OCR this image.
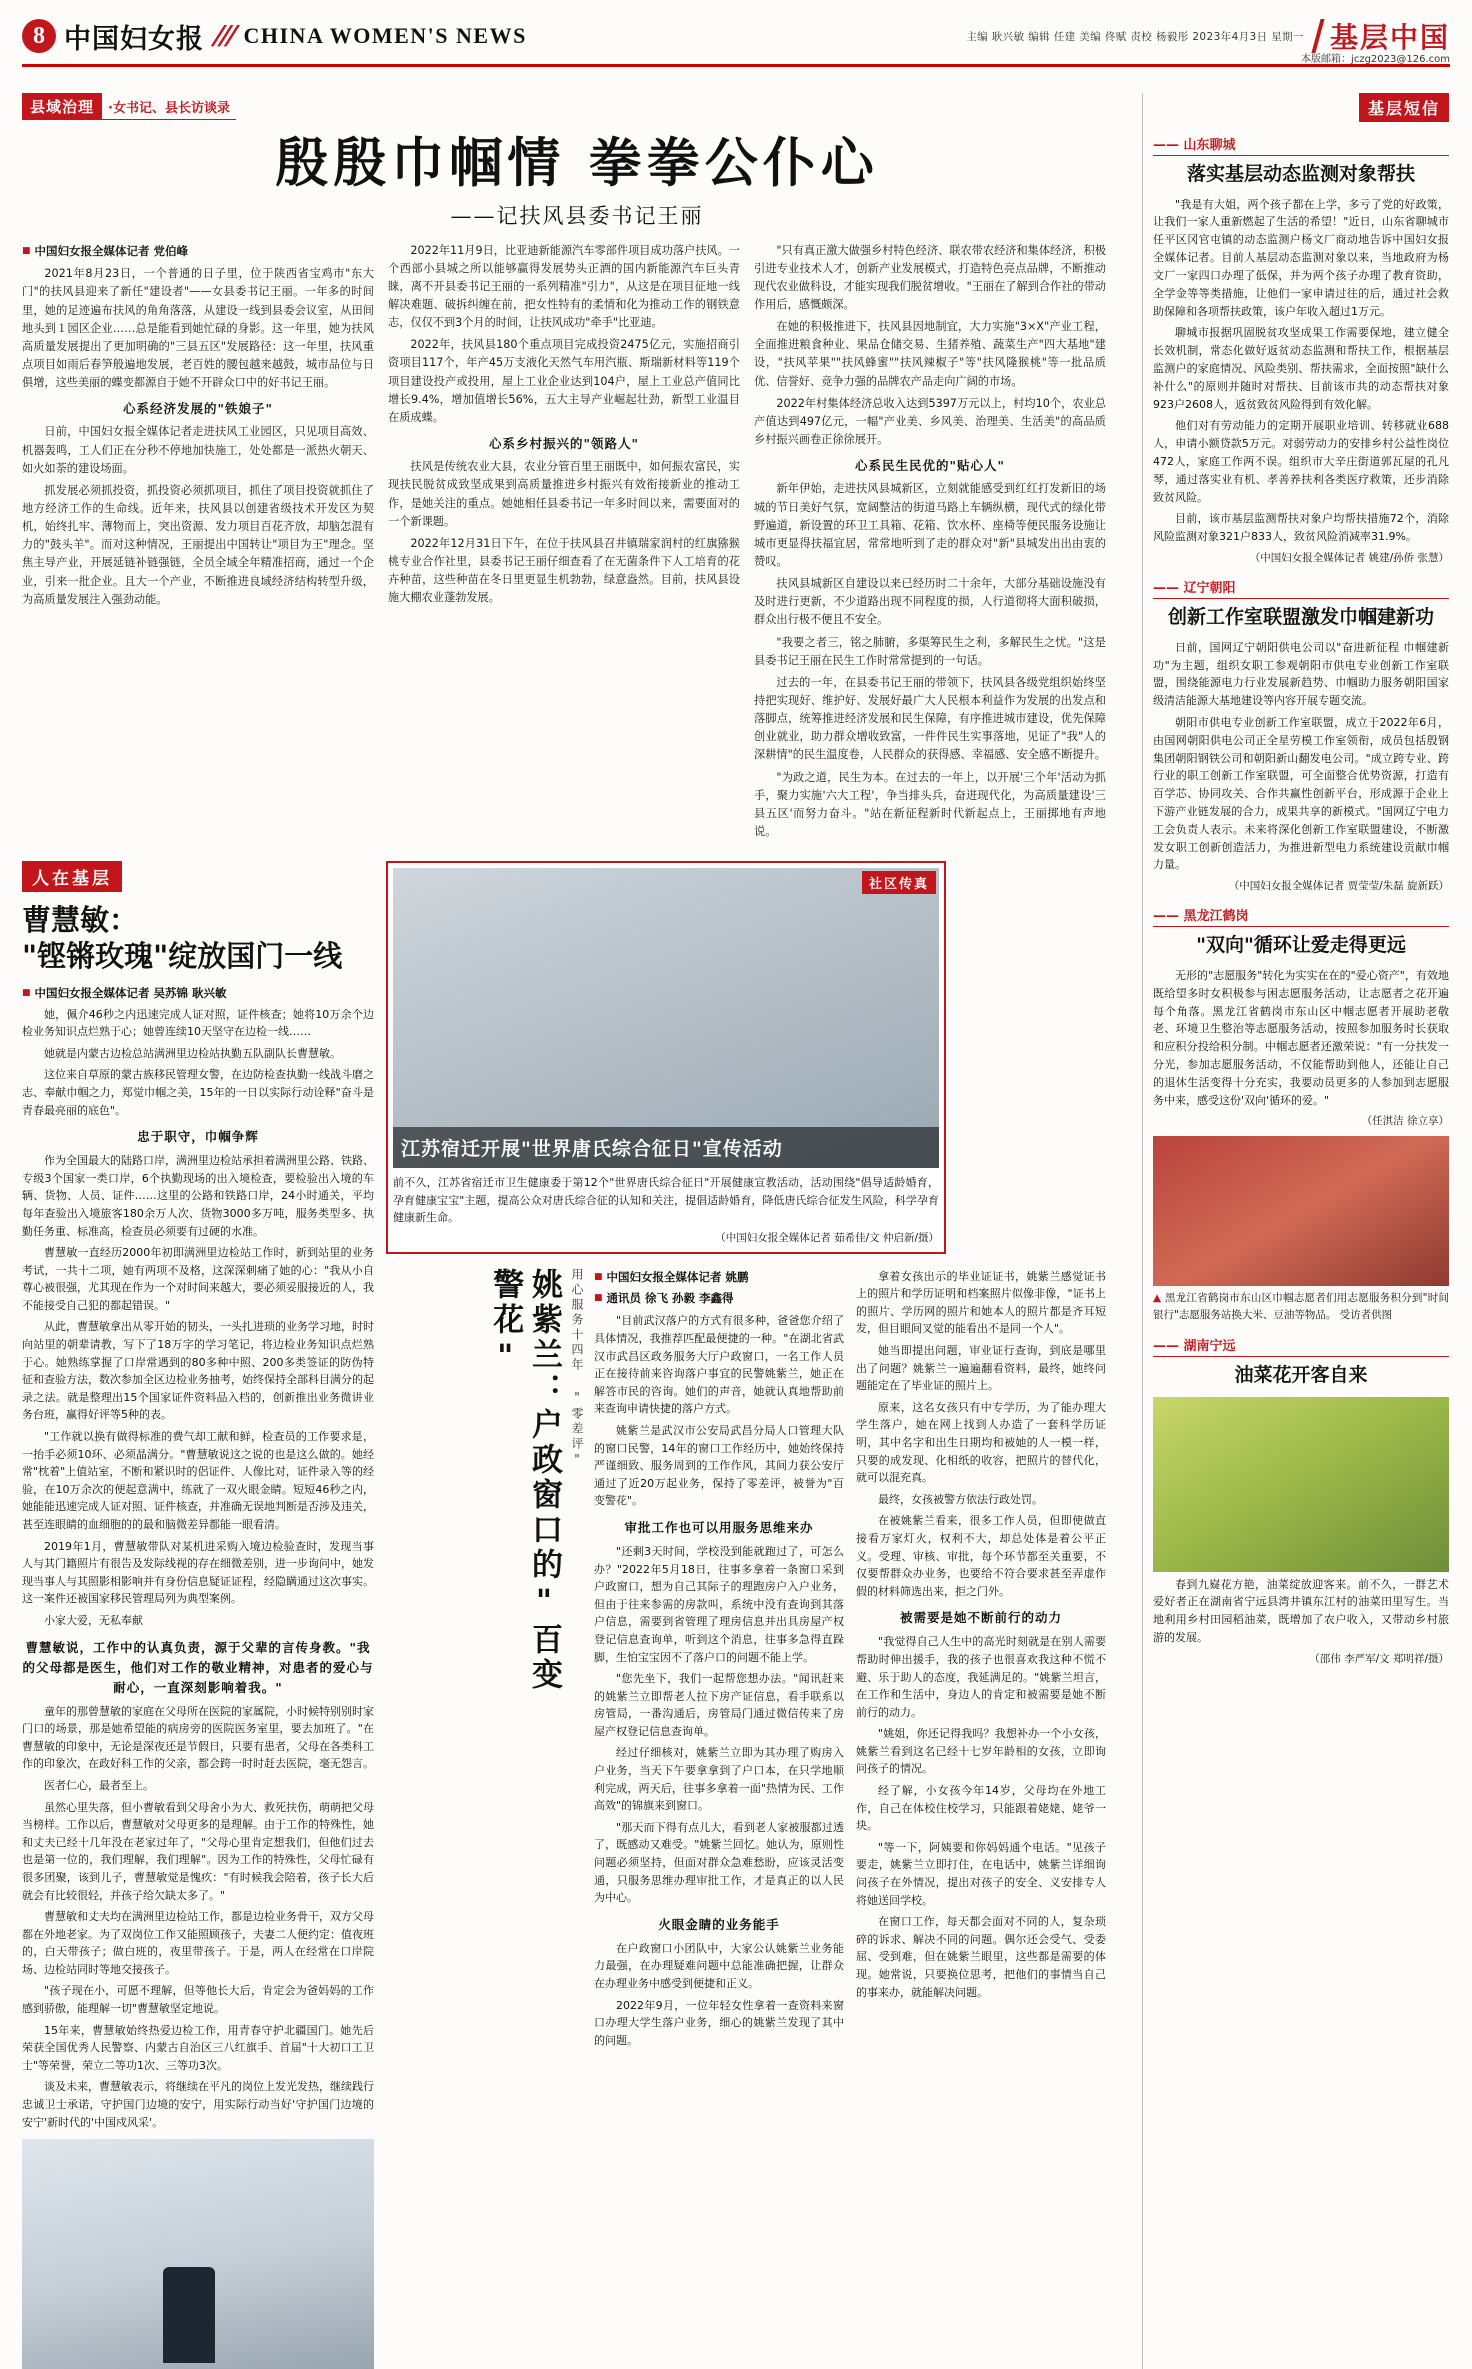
8 中国妇女报 /// CHINA WOMEN'S NEWS	主编 耿兴敏 编辑 任建 美编 佟赋 责校 杨毅彤 2023年4月3日 星期一 基层中国
本版邮箱：jczg2023@126.com
县域治理	·女书记、县长访谈录
殷殷巾帼情 拳拳公仆心
——记扶风县委书记王丽
■ 中国妇女报全媒体记者 党伯峰

2021年8月23日，一个普通的日子里，位于陕西省宝鸡市"东大门"的扶风县迎来了新任"建设者"——女县委书记王丽。一年多的时间里，她的足迹遍布扶风的角角落落，从建设一线到县委会议室，从田间地头到１园区企业……总是能看到她忙碌的身影。这一年里，她为扶风高质量发展提出了更加明确的"三县五区"发展路径：这一年里，扶风重点项目如雨后春笋般遍地发展，老百姓的腰包越来越鼓，城市品位与日俱增，这些美丽的蝶变都源自于她不开辟众口中的好书记王丽。

心系经济发展的"铁娘子"

日前，中国妇女报全媒体记者走进扶风工业园区，只见项目高效、机器轰鸣，工人们正在分秒不停地加快施工，处处都是一派热火朝天、如火如荼的建设场面。

抓发展必须抓投资，抓投资必须抓项目，抓住了项目投资就抓住了地方经济工作的生命线。近年来，扶风县以创建省级技术开发区为契机，始终扎牢、薄物而上，突出资源、发力项目百花齐放，却脑怎混有力的"鼓头羊"。而对这种情况，王丽提出中国转让"项目为王"理念。坚焦主导产业，开展延链补链强链，全员全域全年精准招商，通过一个企业，引来一批企业。且大一个产业，不断推进良域经济结构转型升级，为高质量发展注入强劲动能。

2022年11月9日，比亚迪新能源汽车零部件项目成功落户扶风。一个西部小县城之所以能够赢得发展势头正酒的国内新能源汽车巨头青睐，离不开县委书记王丽的一系列精准"引力"，从这是在项目征地一线解决难题、破拆纠缠在前，把女性特有的柔情和化为推动工作的钢铁意志，仅仅不到3个月的时间，让扶风成功"牵手"比亚迪。

2022年，扶风县180个重点项目完成投资2475亿元，实施招商引资项目117个，年产45万支液化天然气车用汽瓶、斯瑞新材料等119个项目建设投产或投用，屋上工业企业达到104户，屋上工业总产值同比增长9.4%，增加值增长56%，五大主导产业崛起壮劲，新型工业温目在质成蝶。

心系乡村振兴的"领路人"

扶风是传统农业大县，农业分管百里王丽既中，如何振农富民，实现扶民脱贫成致坚成果到高质量推进乡村振兴有效衔接新业的推动工作，是她关注的重点。她她相任县委书记一年多时间以来，需要面对的一个新课题。

2022年12月31日下午，在位于扶风县召井镇瑞家润村的红旗猕猴桃专业合作社里，县委书记王丽仔细查看了在无菌条件下人工培育的花卉种苗，这些种苗在冬日里更显生机勃勃，绿意盎然。目前，扶风县设施大棚农业蓬勃发展。

"只有真正激大做强乡村特色经济、联农带农经济和集体经济，积极引进专业技术人才，创新产业发展模式，打造特色亮点品牌，不断推动现代农业做科设，才能实现我们脱贫增收。"王丽在了解到合作社的带动作用后，感慨颇深。

在她的积极推进下，扶风县因地制宜，大力实施"3×X"产业工程，全面推进粮食种业、果品仓储交易、生猪养殖、蔬菜生产"四大基地"建设，"扶风苹果""扶风蜂蜜""扶风辣椒子"等"扶风隆猴桃"等一批品质优、信誉好、竞争力强的品牌农产品走向广阔的市场。

2022年村集体经济总收入达到5397万元以上，村均10个，农业总产值达到497亿元，一幅"产业美、乡风美、治理美、生活美"的高品质乡村振兴画卷正徐徐展开。

心系民生民优的"贴心人"

新年伊始，走进扶风县城新区，立刻就能感受到红红打发新旧的场城的节日美好气氛，宽阔整洁的街道马路上车辆纵横，现代式的绿化带野遍道，新设置的环卫工具箱、花箱、饮水杯、座椅等便民服务设施让城市更显得扶福宜居，常常地听到了走的群众对"新"县城发出出由衷的赞叹。

扶风县城新区自建设以来已经历时二十余年，大部分基础设施没有及时进行更新，不少道路出现不同程度的损，人行道彻将大面积破损，群众出行极不便且不安全。

"我要之者三，铭之肺腑，多渠筹民生之利，多解民生之忧。"这是县委书记王丽在民生工作时常常提到的一句话。

过去的一年，在县委书记王丽的带领下，扶风县各级党组织始终坚持把实现好、维护好、发展好最广大人民根本利益作为发展的出发点和落脚点，统筹推进经济发展和民生保障，有序推进城市建设，优先保障创业就业，助力群众增收致富，一件件民生实事落地，见证了"我"人的深耕情"的民生温度卷，人民群众的获得感、幸福感、安全感不断提升。

"为政之道，民生为本。在过去的一年上，以开展'三个年'活动为抓手，聚力实施'六大工程'，争当排头兵，奋进现代化，为高质量建设'三县五区'而努力奋斗。"站在新征程新时代新起点上，王丽掷地有声地说。

人在基层
曹慧敏：
"铿锵玫瑰"绽放国门一线
■ 中国妇女报全媒体记者 吴苏锦 耿兴敏

她，佩介46秒之内迅速完成人证对照，证件核查；她将10万余个边检业务知识点烂熟于心；她曾连续10天坚守在边检一线……

她就是内蒙古边检总站满洲里边检站执勤五队副队长曹慧敏。

这位来自草原的蒙古族移民管理女警，在边防检查执勤一线战斗磨之志、奉献巾帼之力，郑觉巾帼之美，15年的一日以实际行动诠释"奋斗是青春最亮丽的底色"。

忠于职守，巾帼争辉

作为全国最大的陆路口岸，满洲里边检站承担着满洲里公路、铁路、专级3个国家一类口岸，6个执勤现场的出入境检查，要检验出入境的车辆、货物、人员、证件……这里的公路和铁路口岸，24小时通关，平均每年查验出入境旅客180余万人次、货物3000多万吨，服务类型多、执勤任务重、标准高，检查员必须要有过硬的水准。

曹慧敏一直经历2000年初即满洲里边检站工作时，新到站里的业务考试，一共十二项，她有两项不及格，这深深刺痛了她的心："我从小自尊心被很强，尤其现在作为一个对时间来越大，要必须妥服接近的人，我不能接受自己犯的都起错误。"

从此，曹慧敏拿出从零开始的韧头，一头扎进琐的业务学习地，时时向站里的朝辈请教，写下了18万字的学习笔记，将边检业务知识点烂熟于心。她熟练掌握了口岸常遇到的80多种中照、200多类签证的防伪特征和查验方法，数次参加全区边检业务抽考，始终保持全部科目满分的起录之法。就是整理出15个国家证件资料品入档的，创新推出业务微讲业务台班，赢得好评等5种的表。

"工作就以换有做得标准的费气却工献和鲜，检查员的工作要求是，一抬手必须10环、必须晶满分。"曹慧敏说这之说的也是这么做的。她经常"枕着"上值站室，不断和紧识时的侶证件、人像比对，证件录入等的经验，在10万余次的便起意满中，练就了一双火眼金睛。短短46秒之内，她能能迅速完成人证对照、证件核查，并准确无误地判断是否涉及违关，甚至连眼睛的血细胞的的最和脑微差异都能一眼看清。

2019年1月，曹慧敏带队对某机进采购入境边检验查时，发现当事人与其门籍照片有很告及发际线视的存在细微差别，进一步询问中，她发现当事人与其照影相影响并有身份信息疑证证程，经隐瞒通过这次事实。这一案件还被国家移民管理局列为典型案例。

小家大爱，无私奉献

曹慧敏说，工作中的认真负责，源于父辈的言传身教。"我的父母都是医生，他们对工作的敬业精神，对患者的爱心与耐心，一直深刻影响着我。"

童年的那曾慧敏的家庭在父母所在医院的家属院，小时候特别别时家门口的场景，那是她希望能的病房旁的医院医务室里，要去加班了。"在曹慧敏的印象中，无论是深夜还是节假日，只要有患者，父母在各类科工作的印象次，在政好科工作的父亲，都会跨一时时赶去医院，毫无怨言。

医者仁心，最者至上。

虽然心里失落，但小曹敏看到父母舍小为大、救死扶伤，萌萌把父母当榜样。工作以后，曹慧敏对父母更多的是理解。由于工作的特殊性，她和丈夫已经十几年没在老家过年了，"父母心里肯定想我们，但他们过去也是第一位的，我们理解，我们理解"。因为工作的特殊性，父母忙碌有很多团聚，该到儿子，曹慧敏觉是愧疚："有时候我会陪着，孩子长大后就会有比较很轻，并孩子给欠缺太多了。"

曹慧敏和丈夫均在满洲里边检站工作，都是边检业务骨干，双方父母都在外地老家。为了双岗位工作又能照顾孩子，夫妻二人便约定：值夜班的，白天带孩子；做白班的，夜里带孩子。于是，两人在经常在口岸院场、边检站同时等地交接孩子。

"孩子现在小，可愿不理解，但等他长大后，肯定会为爸妈妈的工作感到骄傲，能理解一切"曹慧敏坚定地说。

15年来，曹慧敏始终热爱边检工作，用青春守护北疆国门。她先后荣获全国优秀人民警察、内蒙古自治区三八红旗手、首届"十大初口工卫士"等荣誉，荣立二等功1次、三等功3次。

谈及未来，曹慧敏表示，将继续在平凡的岗位上发光发热，继续践行忠诚卫士承诺，守护国门边境的安宁，用实际行动当好'守护国门边境的安宁'新时代的'中国戍风采'。

社区传真
江苏宿迁开展"世界唐氏综合征日"宣传活动
前不久，江苏省宿迁市卫生健康委于第12个"世界唐氏综合征日"开展健康宣教活动，活动围绕"倡导适龄婚育，孕育健康宝宝"主题，提高公众对唐氏综合征的认知和关注，提倡适龄婚育，降低唐氏综合征发生风险，科学孕育健康新生命。
（中国妇女报全媒体记者 茹希佳/文 仲启新/摄）
用心服务十四年 "零差评"
姚紫兰：户政窗口的"百变警花"	■ 中国妇女报全媒体记者 姚鹏
■ 通讯员 徐飞 孙毅 李鑫得

"目前武汉落户的方式有很多种，爸爸您介绍了具体情况，我推荐匹配最便捷的一种。"在湖北省武汉市武昌区政务服务大厅户政窗口，一名工作人员正在接待前来咨询落户事宜的民警姚紫兰，她正在解答市民的咨询。她们的声音，她就认真地帮助前来查询申请快捷的落户方式。

姚紫兰是武汉市公安局武昌分局人口管理大队的窗口民警，14年的窗口工作经历中，她始终保持严谨细致、服务周到的工作作风，其间力获公安厅通过了近20万起业务，保持了零差评，被誉为"百变警花"。

审批工作也可以用服务思维来办

"还剩3天时间，学校没到能就跑过了，可怎么办？"2022年5月18日，往事多拿着一条窗口采到户政窗口，想为自己其际子的理跑房户入户业务，但由于往来参需的房款叫，系统中没有查询到其落户信息，需要到省管理了理房信息并出具房屋产权登记信息查询单，听到这个消息，往事多急得直跺脚，生怕宝宝因不了落户口的问题不能上学。

"您先坐下，我们一起帮您想办法。"闻讯赶来的姚紫兰立即帮老人拉下房产证信息，看手联系以房管局，一番沟通后，房管局门通过微信传来了房屋产权登记信息查询单。

经过仔细核对，姚紫兰立即为其办理了购房入户业务，当天下午要拿拿到了户口本，在只学地顺利完成，两天后，往事多拿着一面"热情为民、工作高效"的锦旗来到窗口。

"那天而下得有点儿大，看到老人家被服都过透了，既感动又难受。"姚紫兰回忆。她认为，原则性问题必须坚持，但面对群众急难愁盼，应该灵活变通，只服务思维办理审批工作，才是真正的以人民为中心。

火眼金睛的业务能手

在户政窗口小团队中，大家公认姚紫兰业务能力最强，在办理疑难问题中总能准确把握，让群众在办理业务中感受到便捷和正义。

2022年9月，一位年轻女性拿着一查资料来窗口办理大学生落户业务，细心的姚紫兰发现了其中的问题。

拿着女孩出示的毕业证证书，姚紫兰感觉证书上的照片和学历证明和档案照片似像非像，"证书上的照片、学历网的照片和她本人的照片都是齐耳短发，但目眼间叉觉的能看出不是同一个人"。

她当即提出问题，审业证行查询，到底是哪里出了问题？姚紫兰一遍遍翻看资料，最终，她终问题能定在了毕业证的照片上。

原来，这名女孩只有中专学历，为了能办理大学生落户，她在网上找到人办造了一套科学历证明，其中名字和出生日期均和被她的人一模一样，只要的成发现、化相纸的收容，把照片的替代化，就可以混充真。

最终，女孩被警方依法行政处罚。

在被姚紫兰看来，很多工作人员，但即使做直接看万家灯火，权利不大，却总处体是着公平正义。受理、审核、审批，每个环节都至关重要，不仅要帮群众办业务，也要给不符合要求甚至弄虚作假的材料筛选出来，拒之门外。

被需要是她不断前行的动力

"我觉得自己人生中的高光时刻就是在别人需要帮助时伸出援手，我的孩子也很喜欢我这种不慌不避、乐于助人的态度，我延满足的。"姚紫兰坦言，在工作和生活中，身边人的肯定和被需要是她不断前行的动力。

"姚姐，你还记得我吗？我想补办一个小女孩，姚紫兰看到这名已经十七岁年龄相的女孩，立即询问孩子的情况。

经了解，小女孩今年14岁，父母均在外地工作，自己在体校住校学习，只能跟着姥姥、姥爷一块。

"等一下，阿姨要和你妈妈通个电话。"见孩子要走，姚紫兰立即打住，在电话中，姚紫兰详细询问孩子在外情况，提出对孩子的安全、义安排专人将她送回学校。

在窗口工作，每天都会面对不同的人，复杂琐碎的诉求、解决不同的问题。偶尔还会受气、受委屈、受到难，但在姚紫兰眼里，这些都是需要的体现。她常说，只要换位思考，把他们的事情当自己的事来办，就能解决问题。

基层短信
—— 山东聊城
落实基层动态监测对象帮扶

"我是有大姐，两个孩子都在上学，多亏了党的好政策，让我们一家人重新燃起了生活的希望！"近日，山东省聊城市任平区冈官屯镇的动态监测户杨文厂商动地告诉中国妇女报全媒体记者。目前人基层动态监测对象以来，当地政府为杨文厂一家四口办理了低保，并为两个孩子办理了教育资助，全学金等等类措施，让他们一家申请过往的后，通过社会救助保障和各项帮扶政策，该户年收入超过1万元。

聊城市报据巩固脱贫攻坚成果工作需要保地，建立健全长效机制，常态化做好返贫动态监测和帮扶工作，根据基层监测户的家庭情况、风险类别、帮扶需求，全面按照"缺什么补什么"的原则并随时对帮扶、目前该市共的动态帮扶对象923户2608人，返贫致贫风险得到有效化解。

他们对有劳动能力的定期开展职业培训、转移就业688人，申请小额贷款5万元。对弱劳动力的安排乡村公益性岗位472人，家庭工作两不误。组织市大辛庄街道郭瓦屋的孔凡琴，通过落实业有机、孝善养扶利各类医疗救策，还步消除致贫风险。

目前，该市基层监测帮扶对象户均帮扶措施72个，消除风险监测对象321户833人，致贫风险消减率31.9%。

（中国妇女报全媒体记者 姚建/孙侨 张慧）
—— 辽宁朝阳
创新工作室联盟激发巾帼建新功

日前，国网辽宁朝阳供电公司以"奋进新征程 巾帼建新功"为主题，组织女职工参观朝阳市供电专业创新工作室联盟，围绕能源电力行业发展新趋势、巾帼助力服务朝阳国家级清洁能源大基地建设等内容开展专题交流。

朝阳市供电专业创新工作室联盟，成立于2022年6月，由国网朝阳供电公司正全星劳模工作室领衔，成员包括殷钢集团朝阳钢铁公司和朝阳新山翻发电公司。"成立跨专业、跨行业的职工创新工作室联盟，可全面整合优势资源，打造有百学芯、协同攻关、合作共赢性创新平台，形成源于企业上下游产业链发展的合力，成果共享的新模式。"国网辽宁电力工会负责人表示。未来将深化创新工作室联盟建设，不断激发女职工创新创造活力，为推进新型电力系统建设贡献巾帼力量。

（中国妇女报全媒体记者 贾莹莹/朱磊 旋新跃）
—— 黑龙江鹤岗
"双向"循环让爱走得更远

无形的"志愿服务"转化为实实在在的"爱心资产"，有效地既给望多时女积极参与困志愿服务活动，让志愿者之花开遍每个角落。黑龙江省鹤岗市东山区中帼志愿者开展助老敬老、环境卫生整治等志愿服务活动，按照参加服务时长获取和应积分投给积分制。中帼志愿者还激荣说："有一分扶发一分光，参加志愿服务活动，不仅能帮助到他人，还能让自己的退休生活变得十分充实，我要动员更多的人参加到志愿服务中来，感受这份'双向'循环的爱。"

（任淇洁 徐立享）
▲ 黑龙江省鹤岗市东山区巾帼志愿者们用志愿服务积分到"时间银行"志愿服务站换大米、豆油等物品。 受访者供图
—— 湖南宁远
油菜花开客自来

春到九嶷花方艳，油菜绽放迎客来。前不久，一群艺术爱好者正在湖南省宁远县湾井镇东江村的油菜田里写生。当地利用乡村田园稻油菜，既增加了农户收入，又带动乡村旅游的发展。

（邵伟 李严军/文 郑明祥/摄）
